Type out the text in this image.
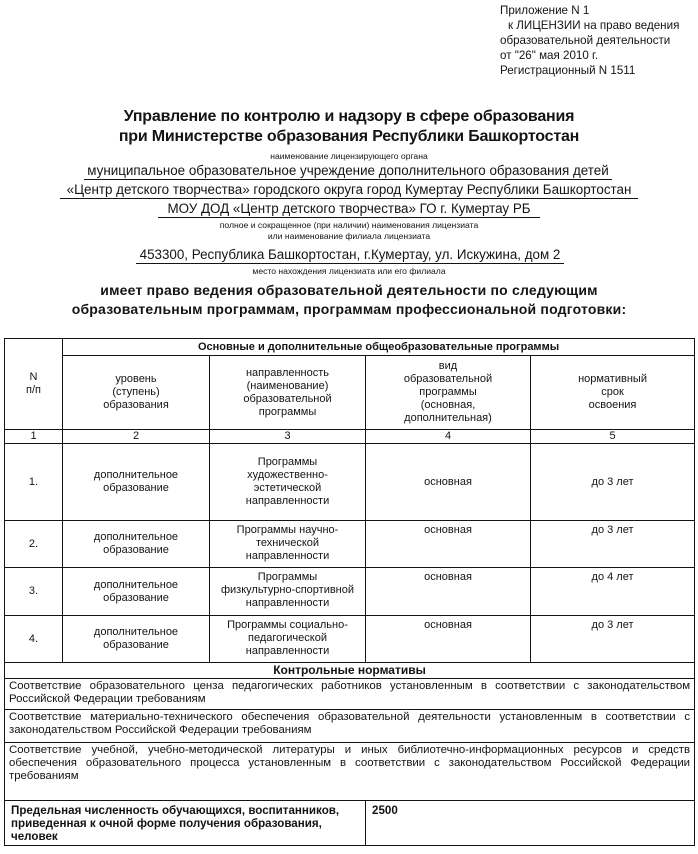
Приложение N 1
к ЛИЦЕНЗИИ на право ведения
образовательной деятельности
от "26" мая 2010 г.
Регистрационный N 1511
Управление по контролю и надзору в сфере образования
при Министерстве образования Республики Башкортостан
наименование лицензирующего органа
муниципальное образовательное учреждение дополнительного образования детей
«Центр детского творчества» городского округа город Кумертау Республики Башкортостан
МОУ ДОД «Центр детского творчества» ГО г. Кумертау РБ
полное и сокращенное (при наличии) наименования лицензиата
или наименование филиала лицензиата
453300, Республика Башкортостан, г.Кумертау, ул. Искужина, дом 2
место нахождения лицензиата или его филиала
имеет право ведения образовательной деятельности по следующим
образовательным программам, программам профессиональной подготовки:
N
п/п	Основные и дополнительные общеобразовательные программы			
	уровень
(ступень)
образования	направленность
(наименование)
образовательной
программы	вид
образовательной
программы
(основная,
дополнительная)	нормативный
срок
освоения
1	2	3	4	5
1.	дополнительное
образование	Программы
художественно-
эстетической
направленности	основная	до 3 лет
2.	дополнительное
образование	Программы научно-
технической
направленности	основная	до 3 лет
3.	дополнительное
образование	Программы
физкультурно-спортивной
направленности	основная	до 4 лет
4.	дополнительное
образование	Программы социально-
педагогической
направленности	основная	до 3 лет
Контрольные нормативы				
Соответствие образовательного ценза педагогических работников установленным в соответствии с законодательством Российской Федерации требованиям				
Соответствие материально-технического обеспечения образовательной деятельности установленным в соответствии с законодательством Российской Федерации требованиям				
Соответствие учебной, учебно-методической литературы и иных библиотечно-информационных ресурсов и средств обеспечения образовательного процесса установленным в соответствии с законодательством Российской Федерации требованиям				
Предельная численность обучающихся, воспитанников, приведенная к очной форме получения образования, человек			2500	
